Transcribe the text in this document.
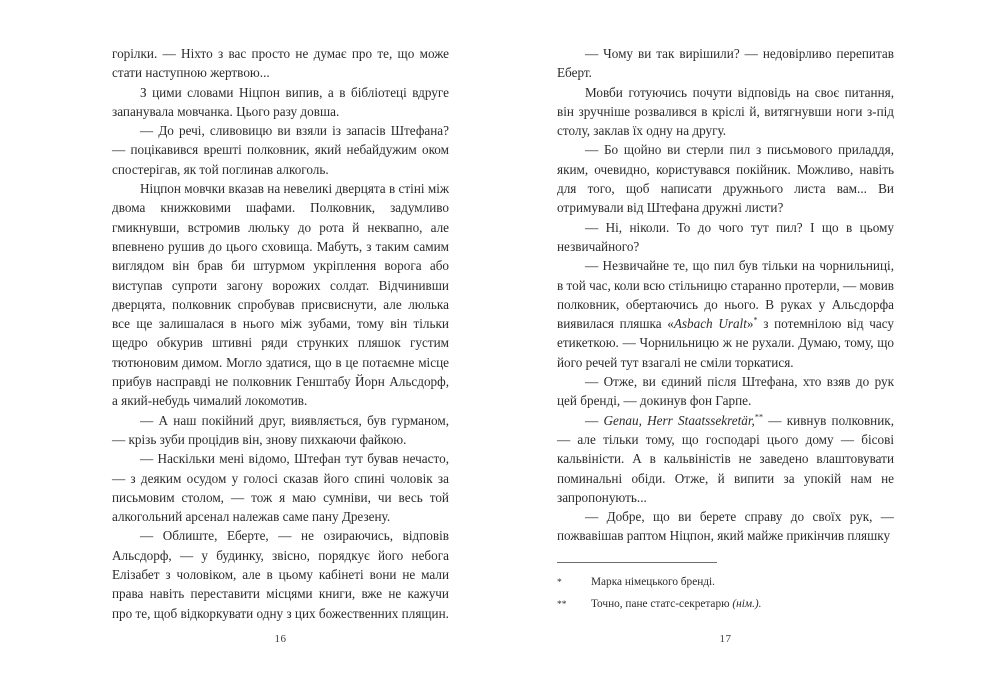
горілки. — Ніхто з вас просто не думає про те, що може стати наступною жертвою...

З цими словами Ніцпон випив, а в бібліотеці вдруге запанувала мовчанка. Цього разу довша.

— До речі, сливовицю ви взяли із запасів Штефана? — поцікавився врешті полковник, який небайдужим оком спостерігав, як той поглинав алкоголь.

Ніцпон мовчки вказав на невеликі дверцята в стіні між двома книжковими шафами. Полковник, задумливо гмикнувши, встромив люльку до рота й неквапно, але впевнено рушив до цього сховища. Мабуть, з таким самим виглядом він брав би штурмом укріплення ворога або виступав супроти загону ворожих солдат. Відчинивши дверцята, полковник спробував присвиснути, але люлька все ще залишалася в нього між зубами, тому він тільки щедро обкурив штивні ряди струнких пляшок густим тютюновим димом. Могло здатися, що в це потаємне місце прибув насправді не полковник Генштабу Йорн Альсдорф, а який-небудь чималий локомотив.

— А наш покійний друг, виявляється, був гурманом, — крізь зуби процідив він, знову пихкаючи файкою.

— Наскільки мені відомо, Штефан тут бував нечасто, — з деяким осудом у голосі сказав його спині чоловік за письмовим столом, — тож я маю сумніви, чи весь той алкогольний арсенал належав саме пану Дрезену.

— Облиште, Еберте, — не озираючись, відповів Альсдорф, — у будинку, звісно, порядкує його небога Елізабет з чоловіком, але в цьому кабінеті вони не мали права навіть переставити місцями книги, вже не кажучи про те, щоб відкоркувати одну з цих божественних плящин.

16

— Чому ви так вирішили? — недовірливо перепитав Еберт.

Мовби готуючись почути відповідь на своє питання, він зручніше розвалився в кріслі й, витягнувши ноги з-під столу, заклав їх одну на другу.

— Бо щойно ви стерли пил з письмового приладдя, яким, очевидно, користувався покійник. Можливо, навіть для того, щоб написати дружнього листа вам... Ви отримували від Штефана дружні листи?

— Ні, ніколи. То до чого тут пил? І що в цьому незвичайного?

— Незвичайне те, що пил був тільки на чорнильниці, в той час, коли всю стільницю старанно протерли, — мовив полковник, обертаючись до нього. В руках у Альсдорфа виявилася пляшка «Asbach Uralt»* з потемнілою від часу етикеткою. — Чорнильницю ж не рухали. Думаю, тому, що його речей тут взагалі не сміли торкатися.

— Отже, ви єдиний після Штефана, хто взяв до рук цей бренді, — докинув фон Гарпе.

— Genau, Herr Staatssekretär,** — кивнув полковник, — але тільки тому, що господарі цього дому — бісові кальвіністи. А в кальвіністів не заведено влаштовувати поминальні обіди. Отже, й випити за упокій нам не запропонують...

— Добре, що ви берете справу до своїх рук, — пожвавішав раптом Ніцпон, який майже прикінчив пляшку

*	Марка німецького бренді.
**	Точно, пане статс-секретарю (нім.).
17
